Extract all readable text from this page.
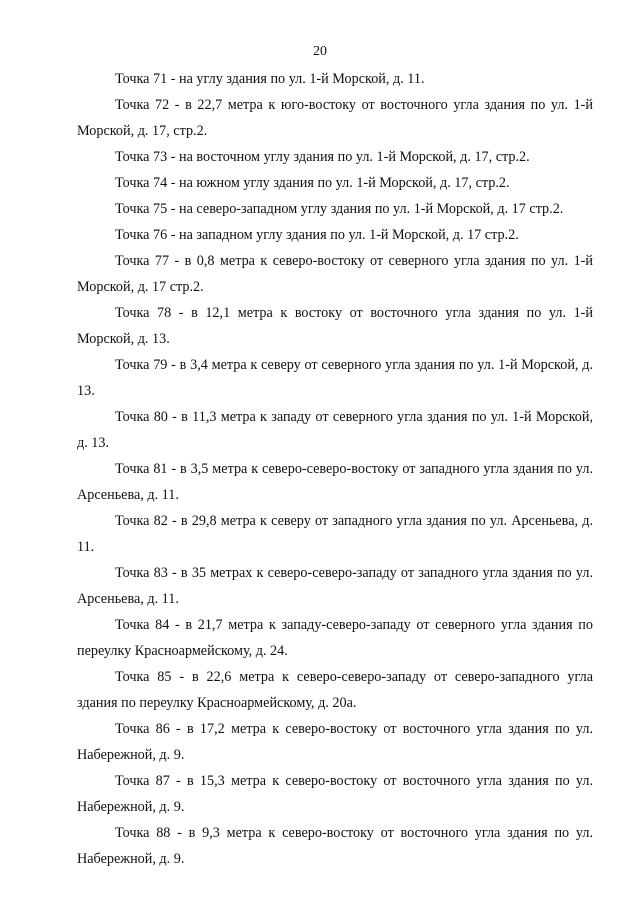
20

Точка 71 - на углу здания по ул. 1-й Морской, д. 11.

Точка 72 - в 22,7 метра к юго-востоку от восточного угла здания по ул. 1-й Морской, д. 17, стр.2.

Точка 73 - на восточном углу здания по ул. 1-й Морской, д. 17, стр.2.

Точка 74 - на южном углу здания по ул. 1-й Морской, д. 17, стр.2.

Точка 75 - на северо-западном углу здания по ул. 1-й Морской, д. 17 стр.2.

Точка 76 - на западном углу здания по ул. 1-й Морской, д. 17 стр.2.

Точка 77 - в 0,8 метра к северо-востоку от северного угла здания по ул. 1-й Морской, д. 17 стр.2.

Точка 78 - в 12,1 метра к востоку от восточного угла здания по ул. 1-й Морской, д. 13.

Точка 79 - в 3,4 метра к северу от северного угла здания по ул. 1-й Морской, д. 13.

Точка 80 - в 11,3 метра к западу от северного угла здания по ул. 1-й Морской, д. 13.

Точка 81 - в 3,5 метра к северо-северо-востоку от западного угла здания по ул. Арсеньева, д. 11.

Точка 82 - в 29,8 метра к северу от западного угла здания по ул. Арсеньева, д. 11.

Точка 83 - в 35 метрах к северо-северо-западу от западного угла здания по ул. Арсеньева, д. 11.

Точка 84 - в 21,7 метра к западу-северо-западу от северного угла здания по переулку Красноармейскому, д. 24.

Точка 85 - в 22,6 метра к северо-северо-западу от северо-западного угла здания по переулку Красноармейскому, д. 20а.

Точка 86 - в 17,2 метра к северо-востоку от восточного угла здания по ул. Набережной, д. 9.

Точка 87 - в 15,3 метра к северо-востоку от восточного угла здания по ул. Набережной, д. 9.

Точка 88 - в 9,3 метра к северо-востоку от восточного угла здания по ул. Набережной, д. 9.
